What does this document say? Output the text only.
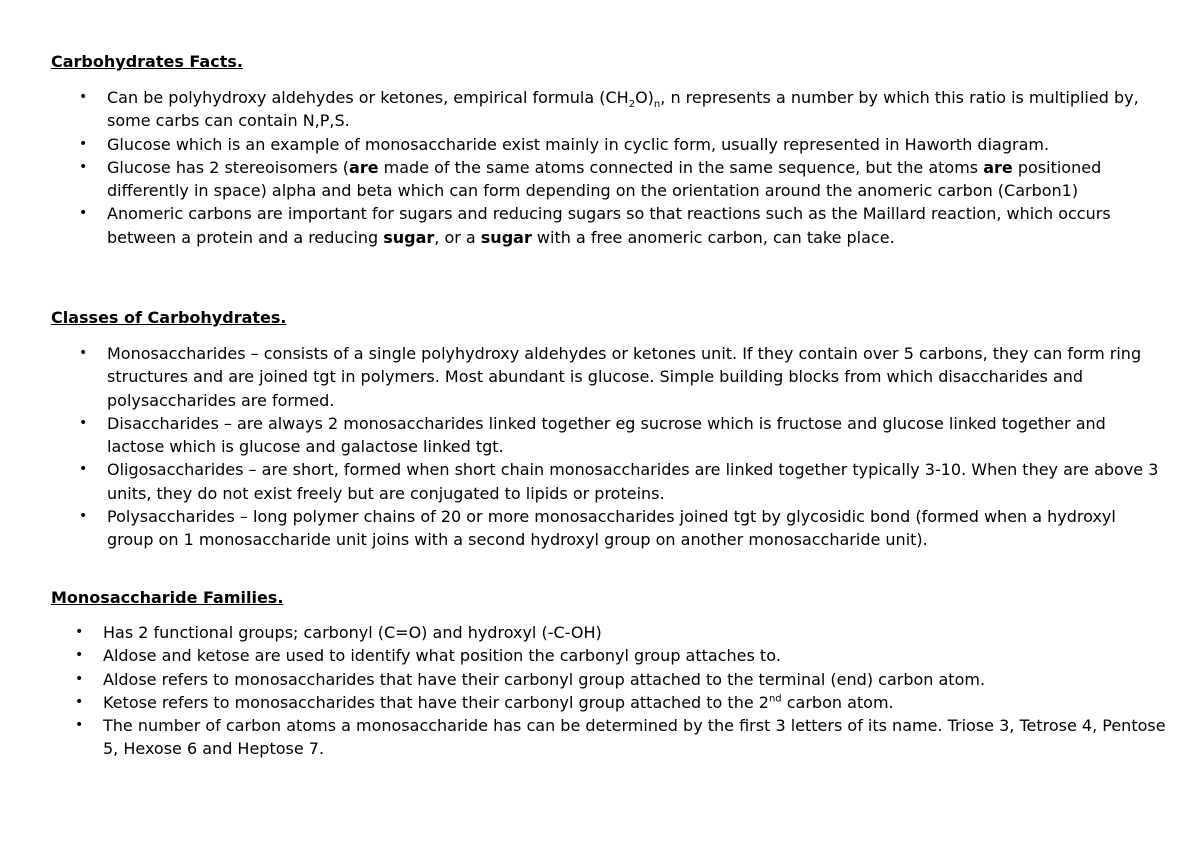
Carbohydrates Facts.
• Can be polyhydroxy aldehydes or ketones, empirical formula $(CH_2O)_n$, n represents a number by which this ratio is multiplied by, some carbs can contain N,P,S.
• Glucose which is an example of monosaccharide exist mainly in cyclic form, usually represented in Haworth diagram.
• Glucose has 2 stereoisomers (are made of the same atoms connected in the same sequence, but the atoms are positioned differently in space) alpha and beta which can form depending on the orientation around the anomeric carbon (Carbon1)
• Anomeric carbons are important for sugars and reducing sugars so that reactions such as the Maillard reaction, which occurs between a protein and a reducing sugar, or a sugar with a free anomeric carbon, can take place.
Classes of Carbohydrates.
• Monosaccharides – consists of a single polyhydroxy aldehydes or ketones unit. If they contain over 5 carbons, they can form ring structures and are joined tgt in polymers. Most abundant is glucose. Simple building blocks from which disaccharides and polysaccharides are formed.
• Disaccharides – are always 2 monosaccharides linked together eg sucrose which is fructose and glucose linked together and lactose which is glucose and galactose linked tgt.
• Oligosaccharides – are short, formed when short chain monosaccharides are linked together typically 3-10. When they are above 3 units, they do not exist freely but are conjugated to lipids or proteins.
• Polysaccharides – long polymer chains of 20 or more monosaccharides joined tgt by glycosidic bond (formed when a hydroxyl group on 1 monosaccharide unit joins with a second hydroxyl group on another monosaccharide unit).
Monosaccharide Families.
• Has 2 functional groups; carbonyl (C=O) and hydroxyl (-C-OH)
• Aldose and ketose are used to identify what position the carbonyl group attaches to.
• Aldose refers to monosaccharides that have their carbonyl group attached to the terminal (end) carbon atom.
• Ketose refers to monosaccharides that have their carbonyl group attached to the 2nd carbon atom.
• The number of carbon atoms a monosaccharide has can be determined by the first 3 letters of its name. Triose 3, Tetrose 4, Pentose 5, Hexose 6 and Heptose 7.
